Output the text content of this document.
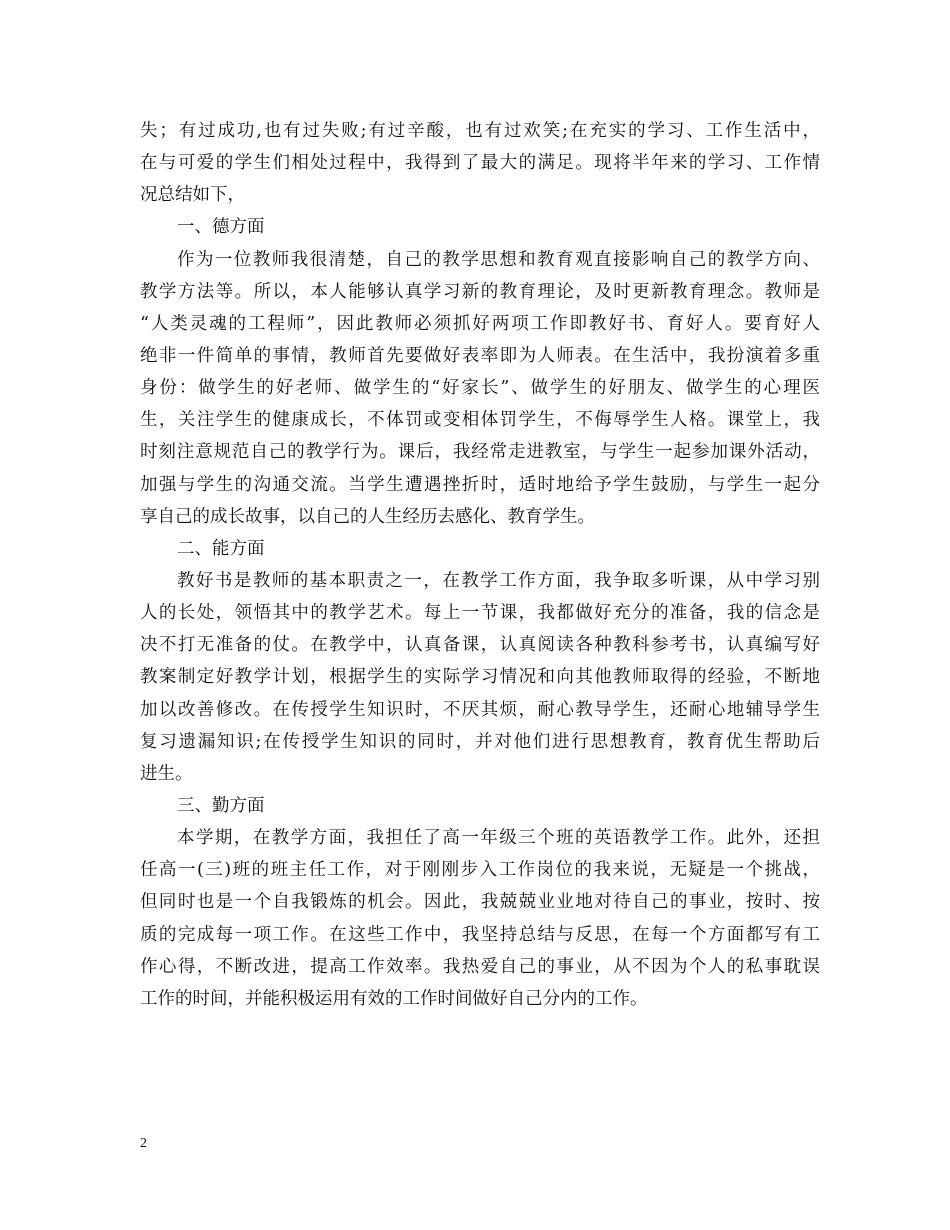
失；有过成功,也有过失败;有过辛酸，也有过欢笑;在充实的学习、工作生活中，
在与可爱的学生们相处过程中，我得到了最大的满足。现将半年来的学习、工作情
况总结如下，
一、德方面
作为一位教师我很清楚，自己的教学思想和教育观直接影响自己的教学方向、
教学方法等。所以，本人能够认真学习新的教育理论，及时更新教育理念。教师是
“人类灵魂的工程师”，因此教师必须抓好两项工作即教好书、育好人。要育好人
绝非一件简单的事情，教师首先要做好表率即为人师表。在生活中，我扮演着多重
身份：做学生的好老师、做学生的“好家长”、做学生的好朋友、做学生的心理医
生，关注学生的健康成长，不体罚或变相体罚学生，不侮辱学生人格。课堂上，我
时刻注意规范自己的教学行为。课后，我经常走进教室，与学生一起参加课外活动，
加强与学生的沟通交流。当学生遭遇挫折时，适时地给予学生鼓励，与学生一起分
享自己的成长故事，以自己的人生经历去感化、教育学生。
二、能方面
教好书是教师的基本职责之一，在教学工作方面，我争取多听课，从中学习别
人的长处，领悟其中的教学艺术。每上一节课，我都做好充分的准备，我的信念是
决不打无准备的仗。在教学中，认真备课，认真阅读各种教科参考书，认真编写好
教案制定好教学计划，根据学生的实际学习情况和向其他教师取得的经验，不断地
加以改善修改。在传授学生知识时，不厌其烦，耐心教导学生，还耐心地辅导学生
复习遗漏知识;在传授学生知识的同时，并对他们进行思想教育，教育优生帮助后
进生。
三、勤方面
本学期，在教学方面，我担任了高一年级三个班的英语教学工作。此外，还担
任高一(三)班的班主任工作，对于刚刚步入工作岗位的我来说，无疑是一个挑战，
但同时也是一个自我锻炼的机会。因此，我兢兢业业地对待自己的事业，按时、按
质的完成每一项工作。在这些工作中，我坚持总结与反思，在每一个方面都写有工
作心得，不断改进，提高工作效率。我热爱自己的事业，从不因为个人的私事耽误
工作的时间，并能积极运用有效的工作时间做好自己分内的工作。
2
